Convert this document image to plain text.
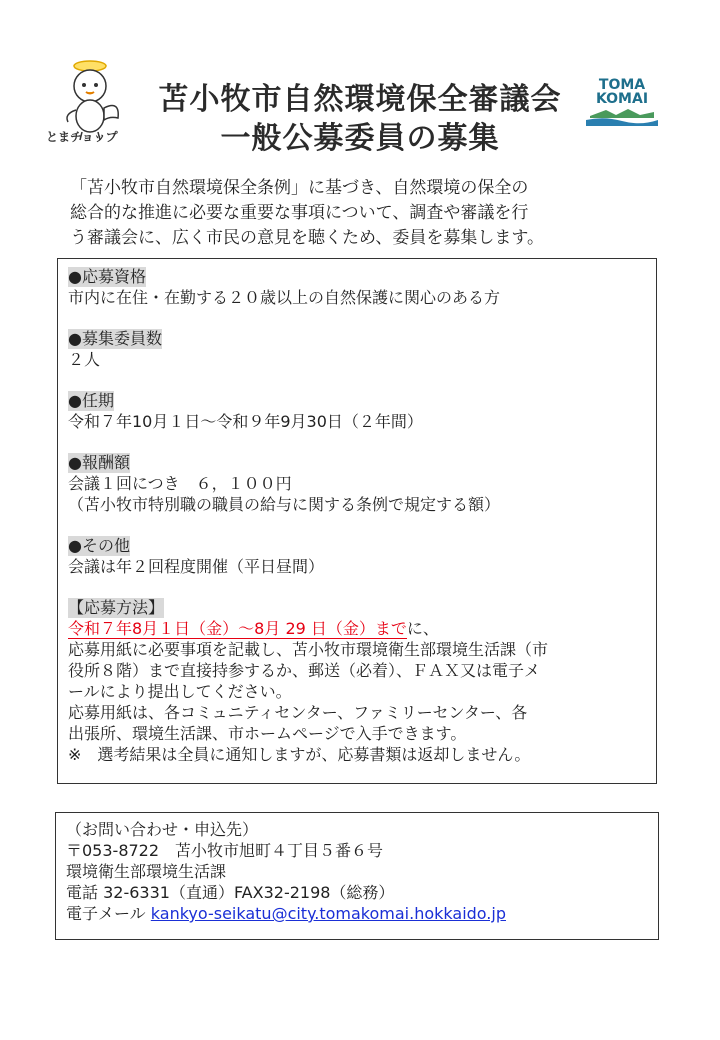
とまチョップ
苫小牧市自然環境保全審議会
一般公募委員の募集
TOMA
KOMAI
「苫小牧市自然環境保全条例」に基づき、自然環境の保全の
総合的な推進に必要な重要な事項について、調査や審議を行
う審議会に、広く市民の意見を聴くため、委員を募集します。
●応募資格
市内に在住・在勤する２０歳以上の自然保護に関心のある方
●募集委員数
２人
●任期
令和７年10月１日〜令和９年9月30日（２年間）
●報酬額
会議１回につき　６，１００円
（苫小牧市特別職の職員の給与に関する条例で規定する額）
●その他
会議は年２回程度開催（平日昼間）
【応募方法】
令和７年8月１日（金）〜8月 29 日（金）までに、
応募用紙に必要事項を記載し、苫小牧市環境衛生部環境生活課（市
役所８階）まで直接持参するか、郵送（必着）、ＦＡＸ又は電子メ
ールにより提出してください。
応募用紙は、各コミュニティセンター、ファミリーセンター、各
出張所、環境生活課、市ホームページで入手できます。
※　選考結果は全員に通知しますが、応募書類は返却しません。
（お問い合わせ・申込先）
〒053-8722　苫小牧市旭町４丁目５番６号
環境衛生部環境生活課
電話 32-6331（直通）FAX32-2198（総務）
電子メール kankyo-seikatu@city.tomakomai.hokkaido.jp
